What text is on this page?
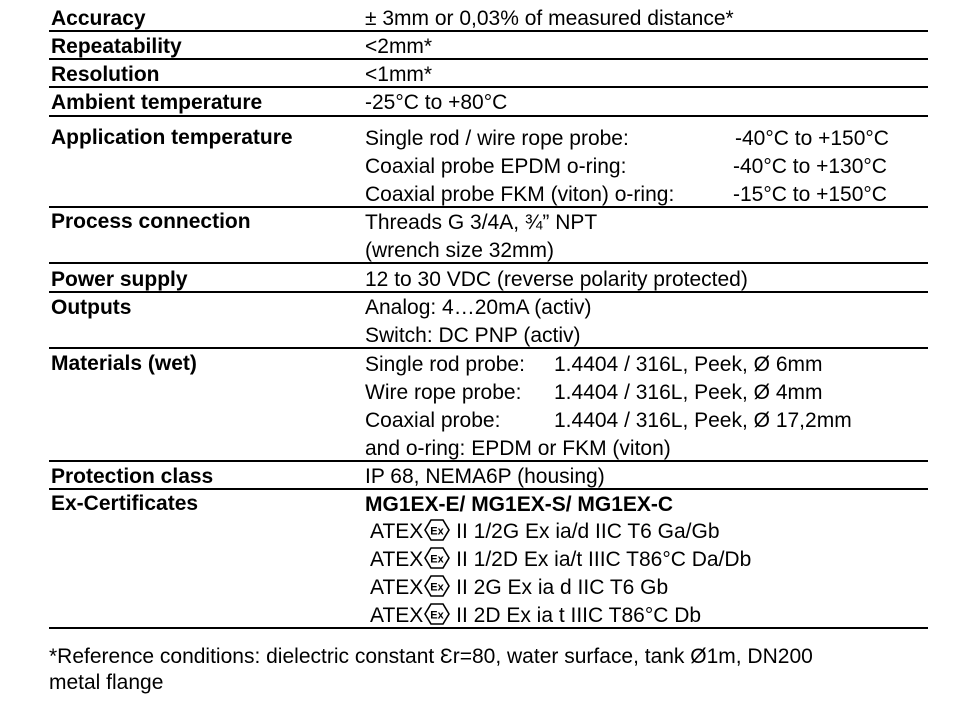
Accuracy	± 3mm or 0,03% of measured distance*
Repeatability	<2mm*
Resolution	<1mm*
Ambient temperature	-25°C to +80°C
Application temperature	Single rod / wire rope probe:	-40°C to +150°C
Coaxial probe EPDM o-ring:	-40°C to +130°C
Coaxial probe FKM (viton) o-ring:	-15°C to +150°C
Process connection	Threads G 3/4A, ¾” NPT
(wrench size 32mm)
Power supply	12 to 30 VDC (reverse polarity protected)
Outputs	Analog: 4…20mA (activ)
Switch: DC PNP (activ)
Materials (wet)	Single rod probe: 1.4404 / 316L, Peek, Ø 6mm
Wire rope probe: 1.4404 / 316L, Peek, Ø 4mm
Coaxial probe:	1.4404 / 316L, Peek, Ø 17,2mm
and o-ring: EPDM or FKM (viton)
Protection class	IP 68, NEMA6P (housing)
Ex-Certificates	MG1EX-E/ MG1EX-S/ MG1EX-C
ATEX Ex II 1/2G Ex ia/d IIC T6 Ga/Gb
ATEX Ex II 1/2D Ex ia/t IIIC T86°C Da/Db
ATEX Ex II 2G Ex ia d IIC T6 Gb
ATEX Ex II 2D Ex ia t IIIC T86°C Db
*Reference conditions: dielectric constant Ɛr=80, water surface, tank Ø1m, DN200
metal flange
